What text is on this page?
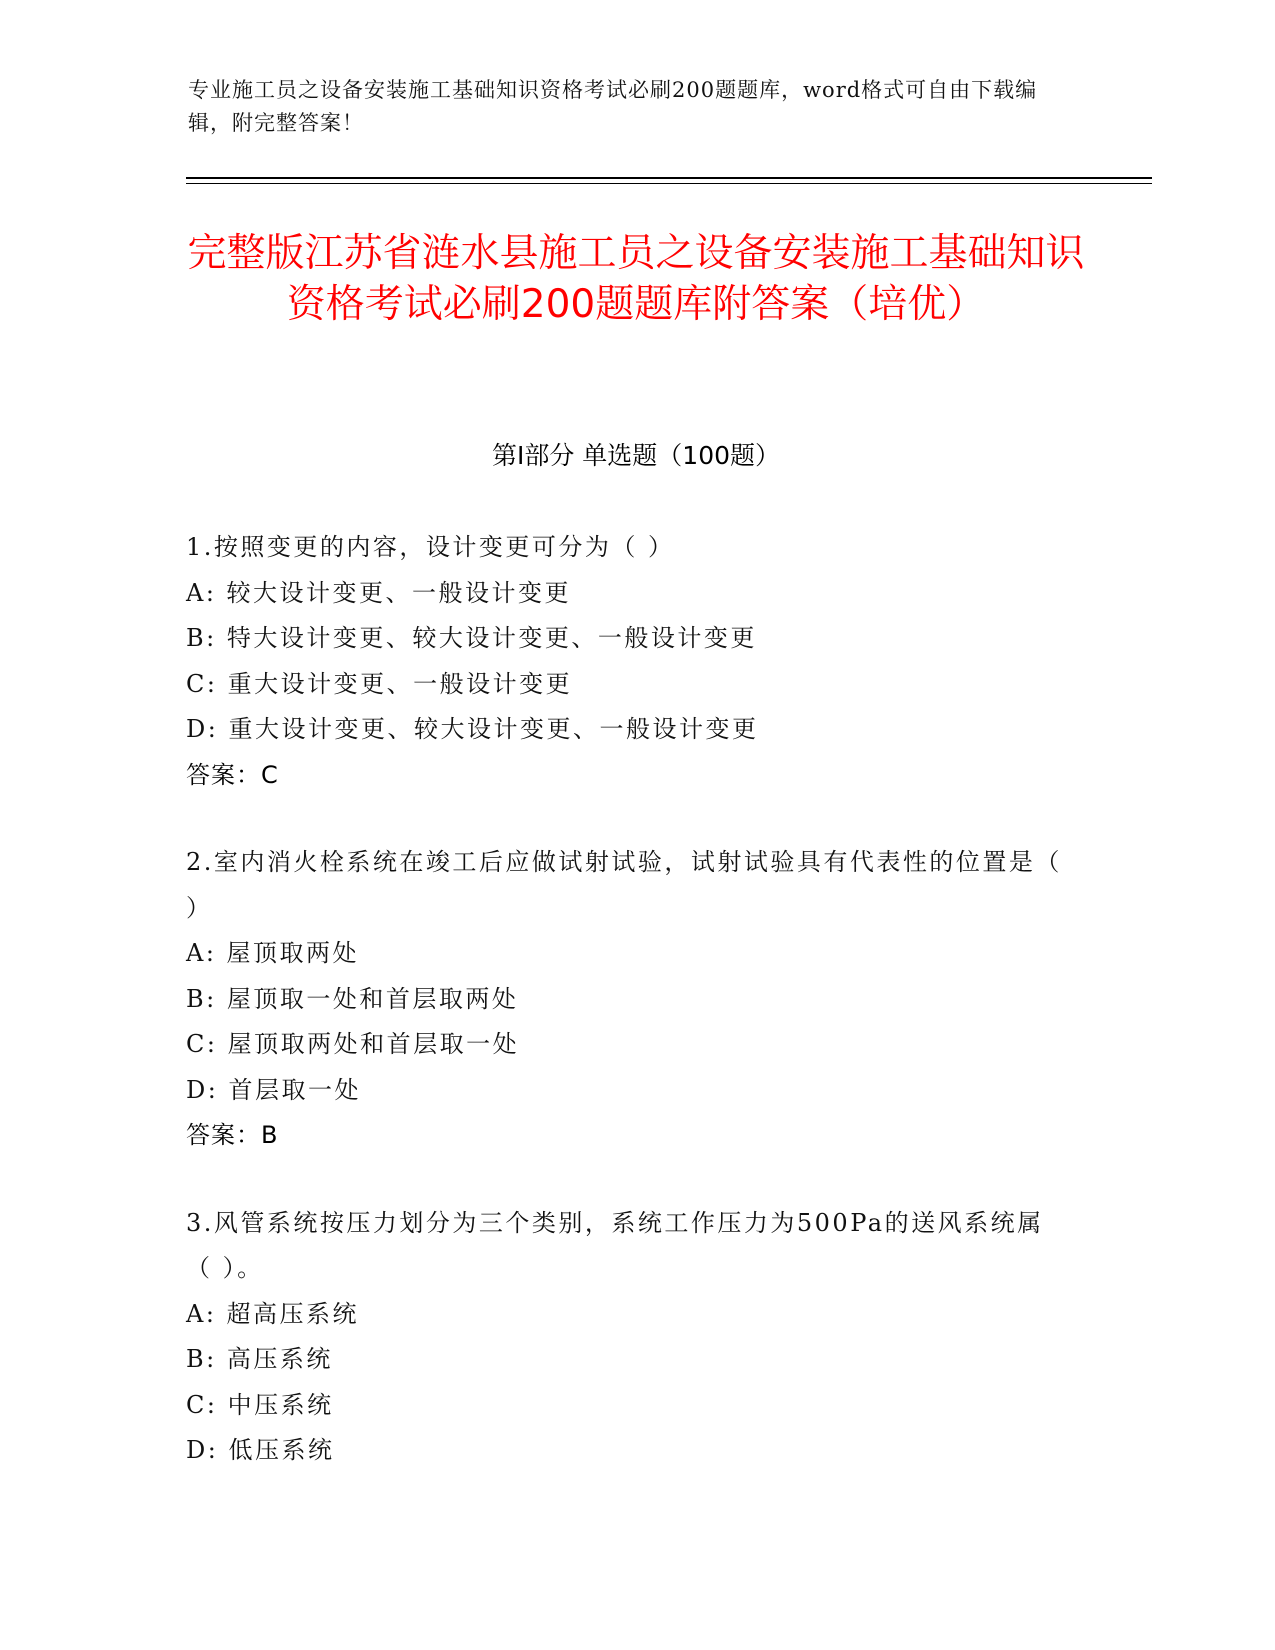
专业施工员之设备安装施工基础知识资格考试必刷200题题库，word格式可自由下载编辑，附完整答案！
完整版江苏省涟水县施工员之设备安装施工基础知识资格考试必刷200题题库附答案（培优）
第Ⅰ部分 单选题（100题）
1.按照变更的内容，设计变更可分为（ ）
A: 较大设计变更、一般设计变更
B: 特大设计变更、较大设计变更、一般设计变更
C: 重大设计变更、一般设计变更
D: 重大设计变更、较大设计变更、一般设计变更
答案：C
2.室内消火栓系统在竣工后应做试射试验，试射试验具有代表性的位置是（ ）
A: 屋顶取两处
B: 屋顶取一处和首层取两处
C: 屋顶取两处和首层取一处
D: 首层取一处
答案：B
3.风管系统按压力划分为三个类别，系统工作压力为500Pa的送风系统属（ ）。
A: 超高压系统
B: 高压系统
C: 中压系统
D: 低压系统
